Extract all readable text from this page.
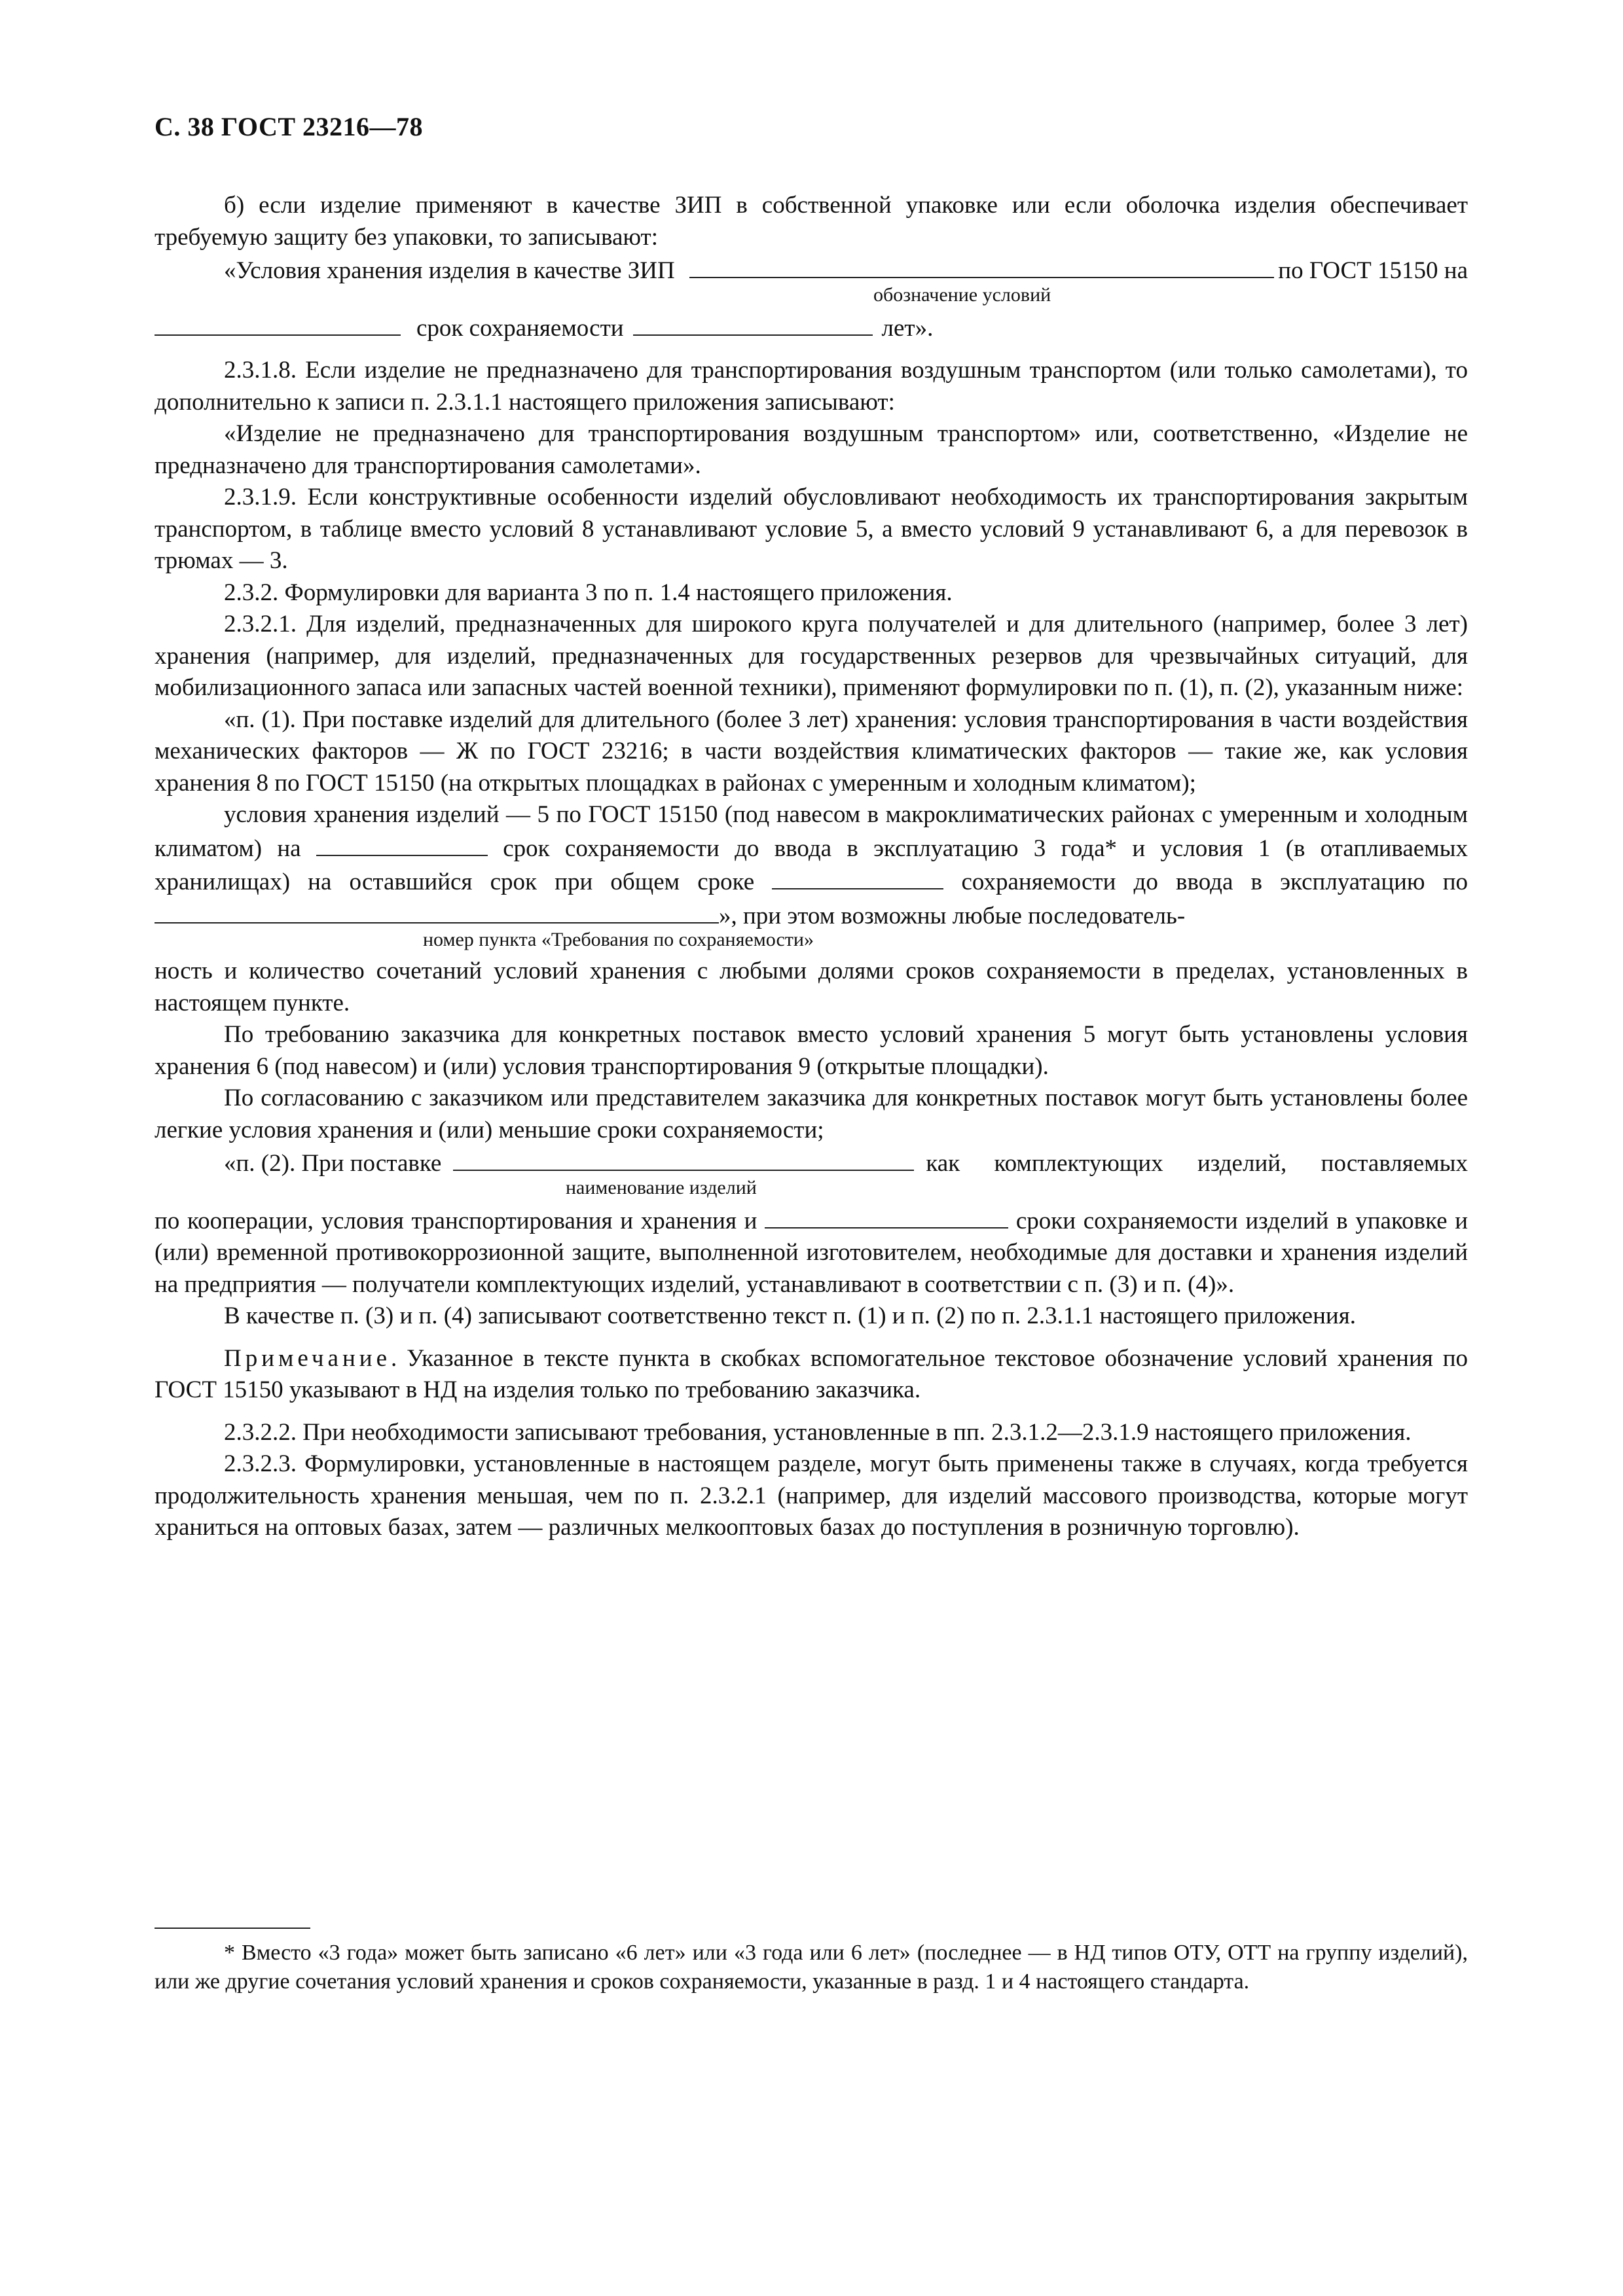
С. 38 ГОСТ 23216—78

б) если изделие применяют в качестве ЗИП в собственной упаковке или если оболочка изделия обеспечивает требуемую защиту без упаковки, то записывают:

«Условия хранения изделия в качестве ЗИП	по ГОСТ 15150 на
обозначение условий
срок сохраняемости	лет».

2.3.1.8. Если изделие не предназначено для транспортирования воздушным транспортом (или только самолетами), то дополнительно к записи п. 2.3.1.1 настоящего приложения записывают:

«Изделие не предназначено для транспортирования воздушным транспортом» или, соответственно, «Изделие не предназначено для транспортирования самолетами».

2.3.1.9. Если конструктивные особенности изделий обусловливают необходимость их транспортирования закрытым транспортом, в таблице вместо условий 8 устанавливают условие 5, а вместо условий 9 устанавливают 6, а для перевозок в трюмах — 3.

2.3.2. Формулировки для варианта 3 по п. 1.4 настоящего приложения.

2.3.2.1. Для изделий, предназначенных для широкого круга получателей и для длительного (например, более 3 лет) хранения (например, для изделий, предназначенных для государственных резервов для чрезвычайных ситуаций, для мобилизационного запаса или запасных частей военной техники), применяют формулировки по п. (1), п. (2), указанным ниже:

«п. (1). При поставке изделий для длительного (более 3 лет) хранения: условия транспортирования в части воздействия механических факторов — Ж по ГОСТ 23216; в части воздействия климатических факторов — такие же, как условия хранения 8 по ГОСТ 15150 (на открытых площадках в районах с умеренным и холодным климатом);

условия хранения изделий — 5 по ГОСТ 15150 (под навесом в макроклиматических районах с умеренным и холодным климатом) на	срок сохраняемости до ввода в эксплуатацию 3 года* и условия 1 (в отапливаемых хранилищах) на оставшийся срок при общем сроке	сохраняемости до ввода в эксплуатацию по », при этом возможны любые последователь-

номер пункта «Требования по сохраняемости»

ность и количество сочетаний условий хранения с любыми долями сроков сохраняемости в пределах, установленных в настоящем пункте.

По требованию заказчика для конкретных поставок вместо условий хранения 5 могут быть установлены условия хранения 6 (под навесом) и (или) условия транспортирования 9 (открытые площадки).

По согласованию с заказчиком или представителем заказчика для конкретных поставок могут быть установлены более легкие условия хранения и (или) меньшие сроки сохраняемости;

«п. (2). При поставке	как комплектующих изделий, поставляемых
наименование изделий

по кооперации, условия транспортирования и хранения и	сроки сохраняемости изделий в упаковке и (или) временной противокоррозионной защите, выполненной изготовителем, необходимые для доставки и хранения изделий на предприятия — получатели комплектующих изделий, устанавливают в соответствии с п. (3) и п. (4)».

В качестве п. (3) и п. (4) записывают соответственно текст п. (1) и п. (2) по п. 2.3.1.1 настоящего приложения.

Примечание. Указанное в тексте пункта в скобках вспомогательное текстовое обозначение условий хранения по ГОСТ 15150 указывают в НД на изделия только по требованию заказчика.

2.3.2.2. При необходимости записывают требования, установленные в пп. 2.3.1.2—2.3.1.9 настоящего приложения.

2.3.2.3. Формулировки, установленные в настоящем разделе, могут быть применены также в случаях, когда требуется продолжительность хранения меньшая, чем по п. 2.3.2.1 (например, для изделий массового производства, которые могут храниться на оптовых базах, затем — различных мелкооптовых базах до поступления в розничную торговлю).

* Вместо «3 года» может быть записано «6 лет» или «3 года или 6 лет» (последнее — в НД типов ОТУ, ОТТ на группу изделий), или же другие сочетания условий хранения и сроков сохраняемости, указанные в разд. 1 и 4 настоящего стандарта.
